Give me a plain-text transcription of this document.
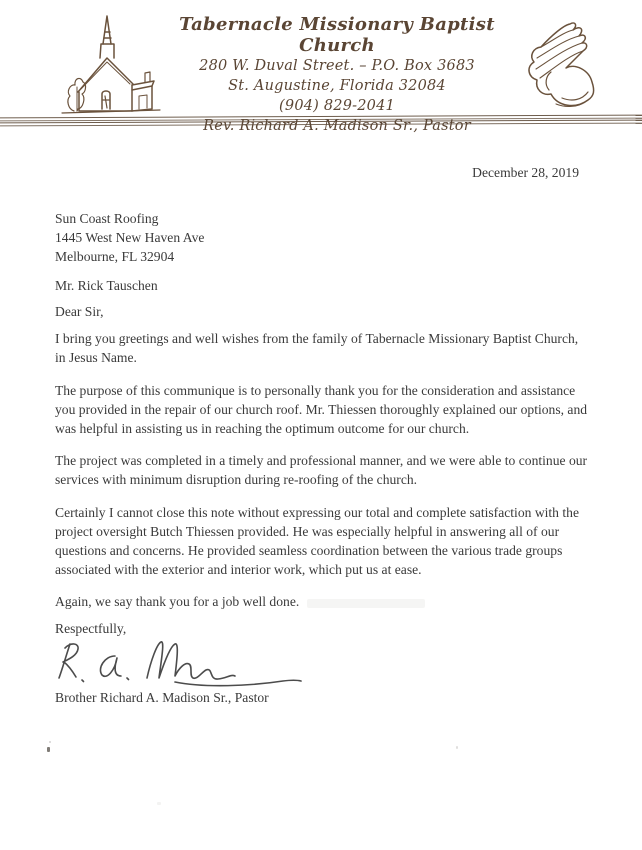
Tabernacle Missionary Baptist Church
280 W. Duval Street. – P.O. Box 3683
St. Augustine, Florida 32084
(904) 829-2041
Rev. Richard A. Madison Sr., Pastor
December 28, 2019
Sun Coast Roofing
1445 West New Haven Ave
Melbourne, FL 32904
Mr. Rick Tauschen
Dear Sir,

I bring you greetings and well wishes from the family of Tabernacle Missionary Baptist Church, in Jesus Name.

The purpose of this communique is to personally thank you for the consideration and assistance you provided in the repair of our church roof. Mr. Thiessen thoroughly explained our options, and was helpful in assisting us in reaching the optimum outcome for our church.

The project was completed in a timely and professional manner, and we were able to continue our services with minimum disruption during re-roofing of the church.

Certainly I cannot close this note without expressing our total and complete satisfaction with the project oversight Butch Thiessen provided. He was especially helpful in answering all of our questions and concerns. He provided seamless coordination between the various trade groups associated with the exterior and interior work, which put us at ease.

Again, we say thank you for a job well done.
Respectfully,
Brother Richard A. Madison Sr., Pastor
